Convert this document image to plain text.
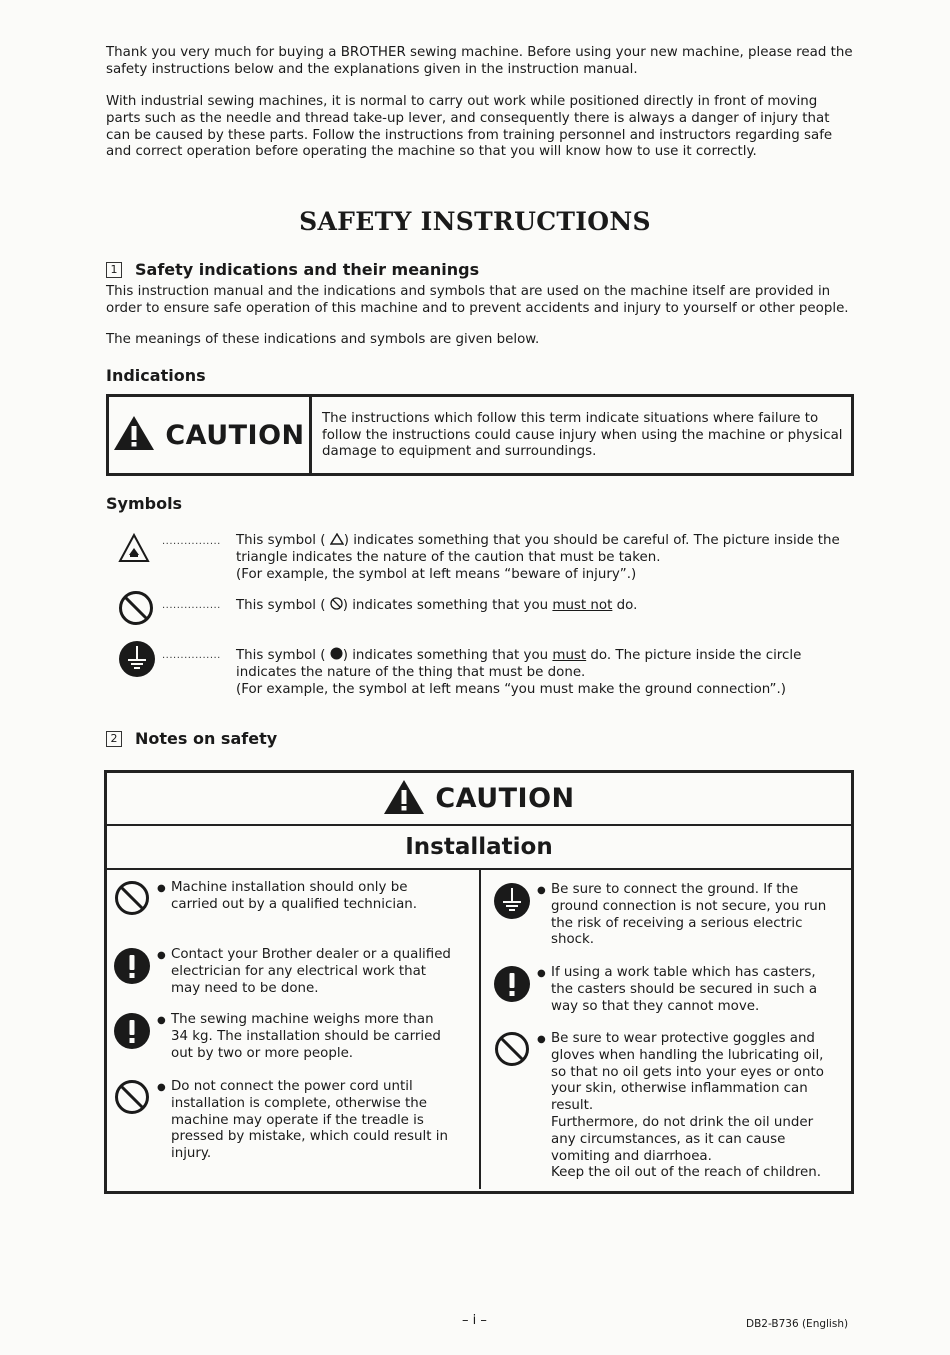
Thank you very much for buying a BROTHER sewing machine. Before using your new machine, please read the safety instructions below and the explanations given in the instruction manual.
With industrial sewing machines, it is normal to carry out work while positioned directly in front of moving parts such as the needle and thread take-up lever, and consequently there is always a danger of injury that can be caused by these parts. Follow the instructions from training personnel and instructors regarding safe and correct operation before operating the machine so that you will know how to use it correctly.
SAFETY INSTRUCTIONS
1 Safety indications and their meanings
This instruction manual and the indications and symbols that are used on the machine itself are provided in order to ensure safe operation of this machine and to prevent accidents and injury to yourself or other people.
The meanings of these indications and symbols are given below.
Indications
CAUTION
The instructions which follow this term indicate situations where failure to follow the instructions could cause injury when using the machine or physical damage to equipment and surroundings.
Symbols
................	This symbol ( ) indicates something that you should be careful of. The picture inside the triangle indicates the nature of the caution that must be taken.
(For example, the symbol at left means “beware of injury”.)
................	This symbol ( ) indicates something that you must not do.
................	This symbol ( ) indicates something that you must do. The picture inside the circle indicates the nature of the thing that must be done.
(For example, the symbol at left means “you must make the ground connection”.)
2 Notes on safety
CAUTION
Installation
● Machine installation should only be carried out by a qualified technician.
● Contact your Brother dealer or a qualified electrician for any electrical work that may need to be done.
● The sewing machine weighs more than 34 kg. The installation should be carried out by two or more people.
● Do not connect the power cord until installation is complete, otherwise the machine may operate if the treadle is pressed by mistake, which could result in injury.
● Be sure to connect the ground. If the ground connection is not secure, you run the risk of receiving a serious electric shock.
● If using a work table which has casters, the casters should be secured in such a way so that they cannot move.
● Be sure to wear protective goggles and gloves when handling the lubricating oil, so that no oil gets into your eyes or onto your skin, otherwise inflammation can result.
Furthermore, do not drink the oil under any circumstances, as it can cause vomiting and diarrhoea.
Keep the oil out of the reach of children.
– i –	DB2-B736 (English)
